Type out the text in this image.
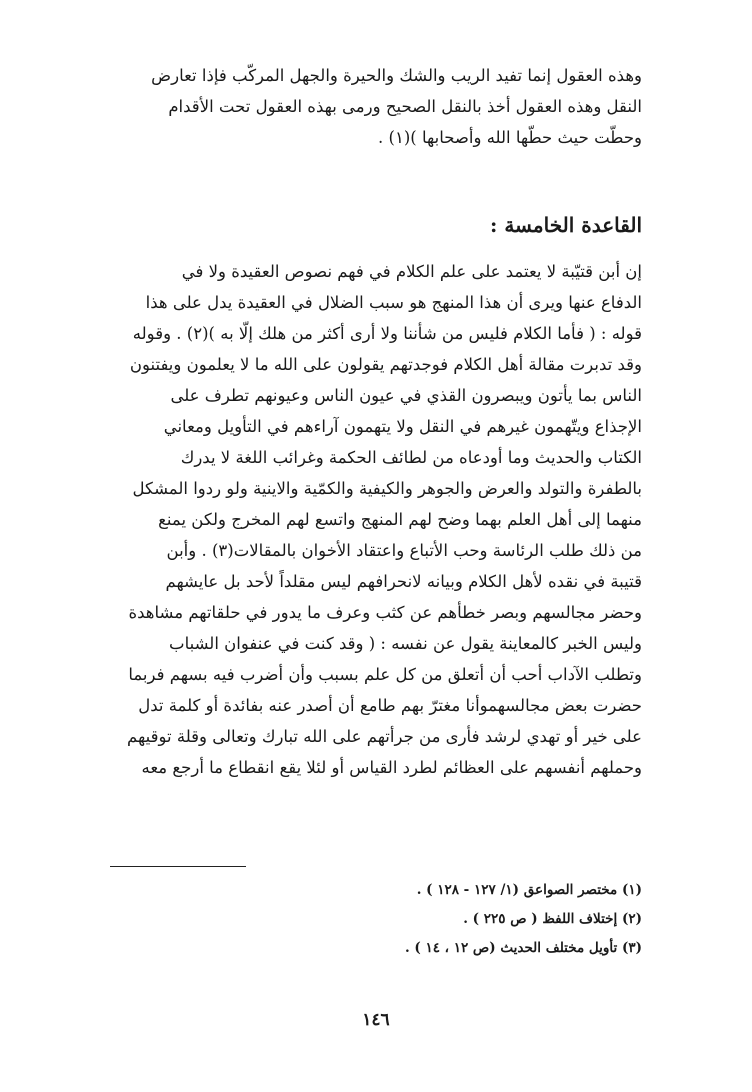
وهذه العقول إنما تفيد الريب والشك والحيرة والجهل المركّب فإذا تعارض
النقل وهذه العقول أخذ بالنقل الصحيح ورمى بهذه العقول تحت الأقدام
وحطّت حيث حطّها الله وأصحابها )(١) .
القاعدة الخامسة :
إن أبن قتيّبة لا يعتمد على علم الكلام في فهم نصوص العقيدة ولا في
الدفاع عنها ويرى أن هذا المنهج هو سبب الضلال في العقيدة يدل على هذا
قوله : ( فأما الكلام فليس من شأننا ولا أرى أكثر من هلك إلّا به )(٢) . وقوله
وقد تدبرت مقالة أهل الكلام فوجدتهم يقولون على الله ما لا يعلمون ويفتنون
الناس بما يأتون ويبصرون القذي في عيون الناس وعيونهم تطرف على
الإجذاع ويتّهمون غيرهم في النقل ولا يتهمون آراءهم في التأويل ومعاني
الكتاب والحديث وما أودعاه من لطائف الحكمة وغرائب اللغة لا يدرك
بالطفرة والتولد والعرض والجوهر والكيفية والكمّية والاينية ولو ردوا المشكل
منهما إلى أهل العلم بهما وضح لهم المنهج واتسع لهم المخرج ولكن يمنع
من ذلك طلب الرئاسة وحب الأتباع واعتقاد الأخوان بالمقالات(٣) . وأبن
قتيبة في نقده لأهل الكلام وبيانه لانحرافهم ليس مقلداً لأحد بل عايشهم
وحضر مجالسهم وبصر خطأهم عن كثب وعرف ما يدور في حلقاتهم مشاهدة
وليس الخبر كالمعاينة يقول عن نفسه : ( وقد كنت في عنفوان الشباب
وتطلب الآداب أحب أن أتعلق من كل علم بسبب وأن أضرب فيه بسهم فربما
حضرت بعض مجالسهموأنا مغترّ بهم طامع أن أصدر عنه بفائدة أو كلمة تدل
على خير أو تهدي لرشد فأرى من جرأتهم على الله تبارك وتعالى وقلة توقيهم
وحملهم أنفسهم على العظائم لطرد القياس أو لئلا يقع انقطاع ما أرجع معه
(١) مختصر الصواعق (١/ ١٢٧ - ١٢٨ ) .
(٢) إختلاف اللفظ ( ص ٢٢٥ ) .
(٣) تأويل مختلف الحديث (ص ١٢ ، ١٤ ) .
١٤٦
